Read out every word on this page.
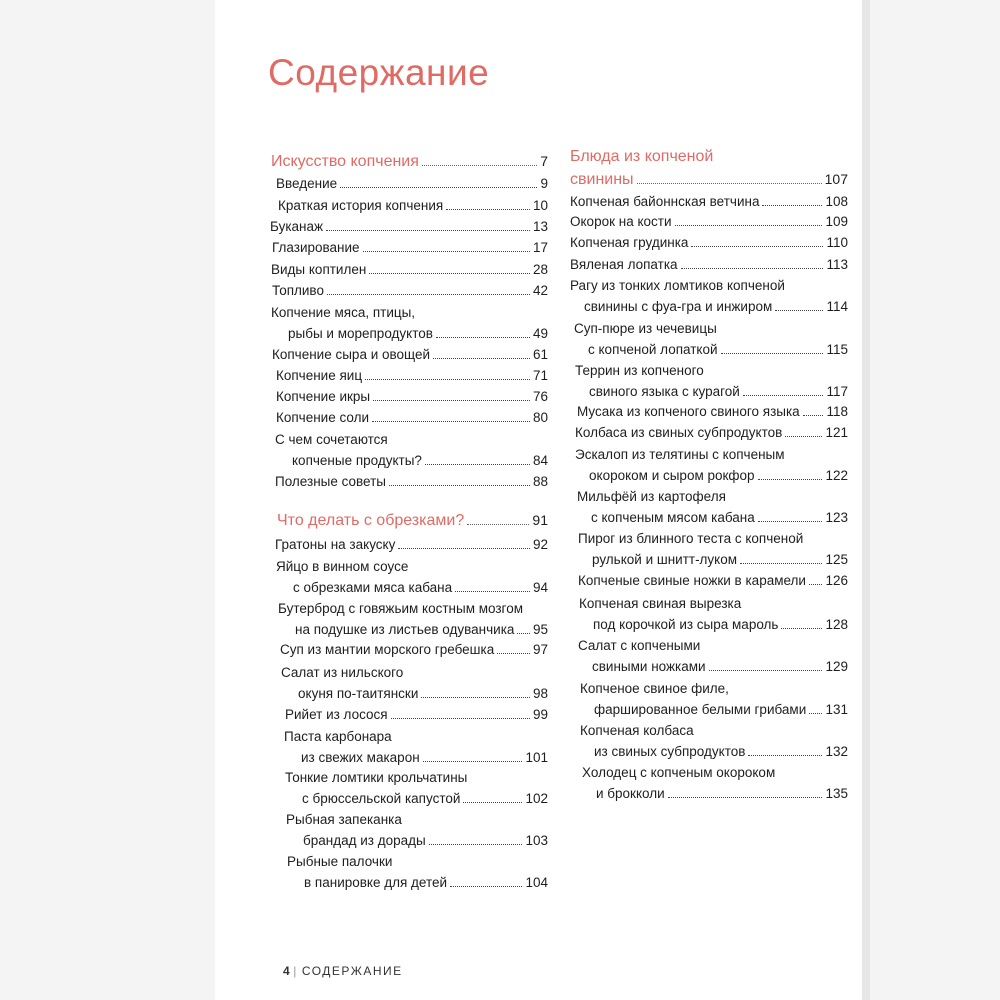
Содержание
Искусство копчения	7
Введение	9
Краткая история копчения	10
Буканаж	13
Глазирование	17
Виды коптилен	28
Топливо	42
Копчение мяса, птицы,
рыбы и морепродуктов	49
Копчение сыра и овощей	61
Копчение яиц	71
Копчение икры	76
Копчение соли	80
С чем сочетаются
копченые продукты?	84
Полезные советы	88
Что делать с обрезками?	91
Гратоны на закуску	92
Яйцо в винном соусе
с обрезками мяса кабана	94
Бутерброд с говяжьим костным мозгом
на подушке из листьев одуванчика 95
Суп из мантии морского гребешка	97
Салат из нильского
окуня по-таитянски	98
Рийет из лосося	99
Паста карбонара
из свежих макарон	101
Тонкие ломтики крольчатины
с брюссельской капустой	102
Рыбная запеканка
брандад из дорады	103
Рыбные палочки
в панировке для детей	104
Блюда из копченой
свинины	107
Копченая байоннская ветчина	108
Окорок на кости	109
Копченая грудинка	110
Вяленая лопатка	113
Рагу из тонких ломтиков копченой
свинины с фуа-гра и инжиром	114
Суп-пюре из чечевицы
с копченой лопаткой	115
Террин из копченого
свиного языка с курагой	117
Мусака из копченого свиного языка 118
Колбаса из свиных субпродуктов	121
Эскалоп из телятины с копченым
окороком и сыром рокфор	122
Мильфёй из картофеля
с копченым мясом кабана	123
Пирог из блинного теста с копченой
рулькой и шнитт-луком	125
Копченые свиные ножки в карамели 126
Копченая свиная вырезка
под корочкой из сыра мароль	128
Салат с копчеными
свиными ножками	129
Копченое свиное филе,
фаршированное белыми грибами 131
Копченая колбаса
из свиных субпродуктов	132
Холодец с копченым окороком
и брокколи	135
4 | СОДЕРЖАНИЕ
